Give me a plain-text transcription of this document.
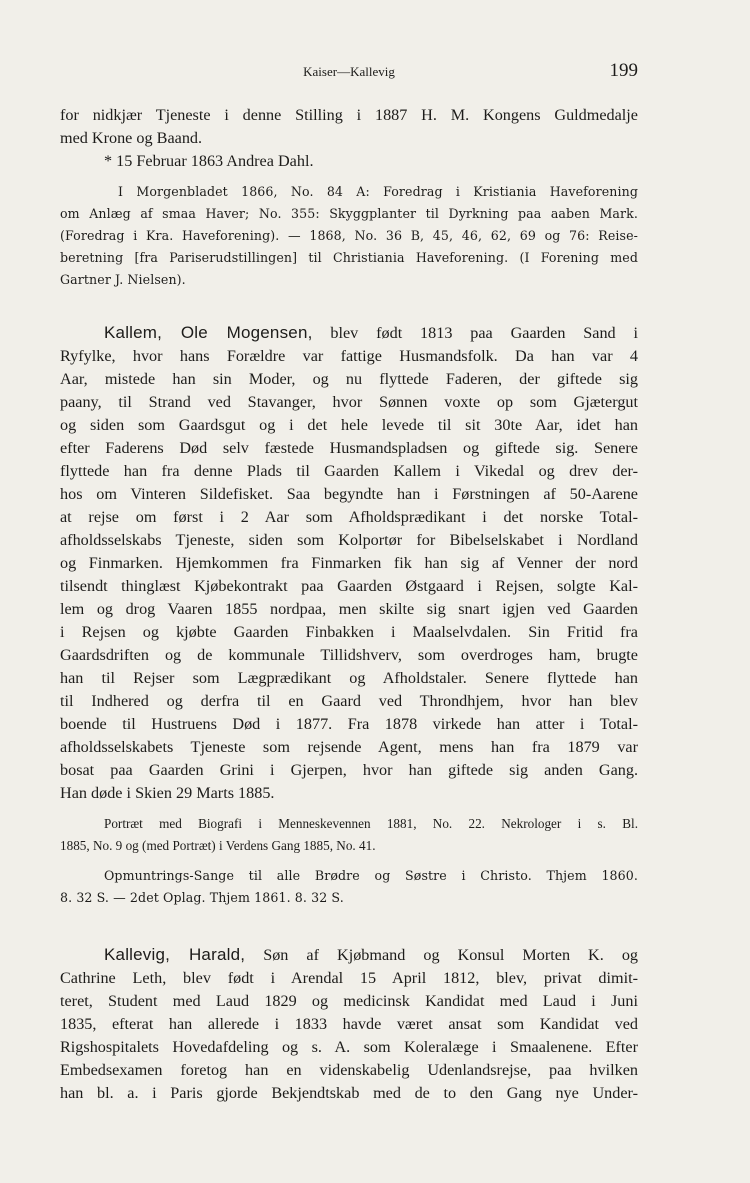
Kaiser—Kallevig	199
for nidkjær Tjeneste i denne Stilling i 1887 H. M. Kongens Guldmedalje
med Krone og Baand.
* 15 Februar 1863 Andrea Dahl.
I Morgenbladet 1866, No. 84 A: Foredrag i Kristiania Haveforening
om Anlæg af smaa Haver; No. 355: Skyggplanter til Dyrkning paa aaben Mark.
(Foredrag i Kra. Haveforening). — 1868, No. 36 B, 45, 46, 62, 69 og 76: Reise-
beretning [fra Pariserudstillingen] til Christiania Haveforening. (I Forening med
Gartner J. Nielsen).
Kallem, Ole Mogensen, blev født 1813 paa Gaarden Sand i
Ryfylke, hvor hans Forældre var fattige Husmandsfolk. Da han var 4
Aar, mistede han sin Moder, og nu flyttede Faderen, der giftede sig
paany, til Strand ved Stavanger, hvor Sønnen voxte op som Gjætergut
og siden som Gaardsgut og i det hele levede til sit 30te Aar, idet han
efter Faderens Død selv fæstede Husmandspladsen og giftede sig. Senere
flyttede han fra denne Plads til Gaarden Kallem i Vikedal og drev der-
hos om Vinteren Sildefisket. Saa begyndte han i Førstningen af 50-Aarene
at rejse om først i 2 Aar som Afholdsprædikant i det norske Total-
afholdsselskabs Tjeneste, siden som Kolportør for Bibelselskabet i Nordland
og Finmarken. Hjemkommen fra Finmarken fik han sig af Venner der nord
tilsendt thinglæst Kjøbekontrakt paa Gaarden Østgaard i Rejsen, solgte Kal-
lem og drog Vaaren 1855 nordpaa, men skilte sig snart igjen ved Gaarden
i Rejsen og kjøbte Gaarden Finbakken i Maalselvdalen. Sin Fritid fra
Gaardsdriften og de kommunale Tillidshverv, som overdroges ham, brugte
han til Rejser som Lægprædikant og Afholdstaler. Senere flyttede han
til Indhered og derfra til en Gaard ved Throndhjem, hvor han blev
boende til Hustruens Død i 1877. Fra 1878 virkede han atter i Total-
afholdsselskabets Tjeneste som rejsende Agent, mens han fra 1879 var
bosat paa Gaarden Grini i Gjerpen, hvor han giftede sig anden Gang.
Han døde i Skien 29 Marts 1885.
Portræt med Biografi i Menneskevennen 1881, No. 22. Nekrologer i s. Bl.
1885, No. 9 og (med Portræt) i Verdens Gang 1885, No. 41.
Opmuntrings-Sange til alle Brødre og Søstre i Christo. Thjem 1860.
8. 32 S. — 2det Oplag. Thjem 1861. 8. 32 S.
Kallevig, Harald, Søn af Kjøbmand og Konsul Morten K. og
Cathrine Leth, blev født i Arendal 15 April 1812, blev, privat dimit-
teret, Student med Laud 1829 og medicinsk Kandidat med Laud i Juni
1835, efterat han allerede i 1833 havde været ansat som Kandidat ved
Rigshospitalets Hovedafdeling og s. A. som Koleralæge i Smaalenene. Efter
Embedsexamen foretog han en videnskabelig Udenlandsrejse, paa hvilken
han bl. a. i Paris gjorde Bekjendtskab med de to den Gang nye Under-
